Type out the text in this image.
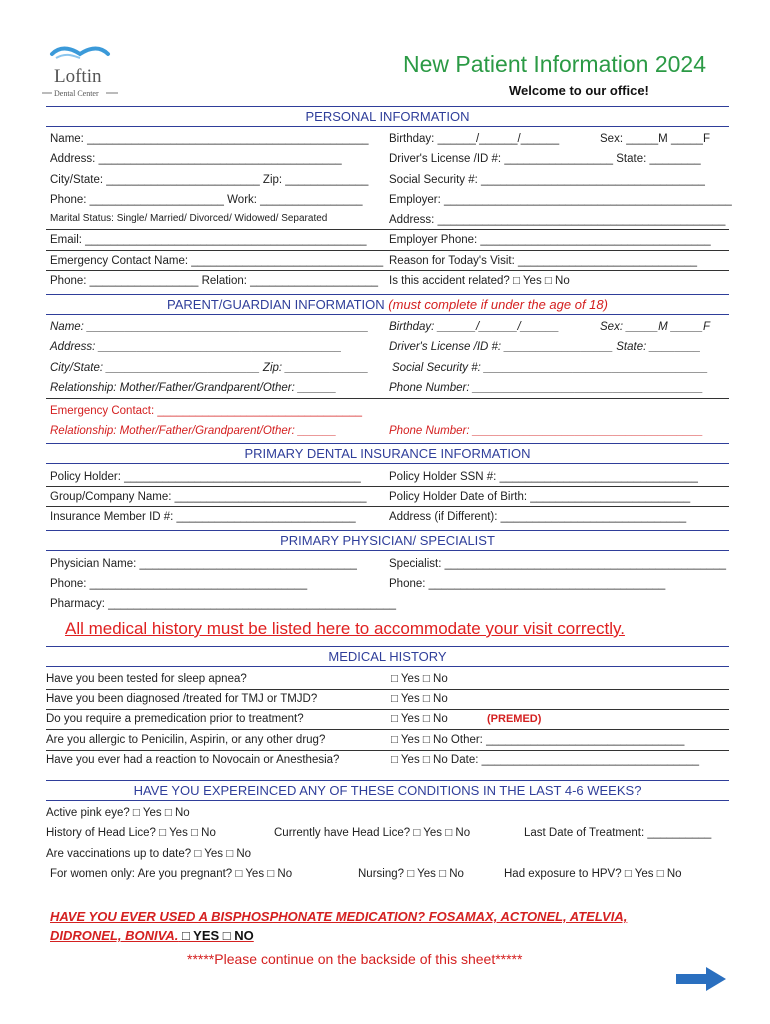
Loftin
Dental Center
New Patient Information 2024
Welcome to our office!
PERSONAL INFORMATION
Name: ____________________________________________ Birthday: ______/______/______	Sex: _____M _____F
Address: ______________________________________	Driver's License /ID #: _________________ State: ________
City/State: ________________________ Zip: _____________ Social Security #: ___________________________________
Phone: _____________________ Work: ________________ Employer: _____________________________________________
Marital Status: Single/ Married/ Divorced/ Widowed/ Separated	Address: _____________________________________________
Email: ____________________________________________ Employer Phone: ____________________________________
Emergency Contact Name: ______________________________ Reason for Today's Visit: ____________________________
Phone: _________________ Relation: ____________________ Is this accident related? □ Yes □ No
PARENT/GUARDIAN INFORMATION (must complete if under the age of 18)
Name: ____________________________________________ Birthday: ______/______/______	Sex: _____M _____F
Address: ______________________________________	Driver's License /ID #: _________________ State: ________
City/State: ________________________ Zip: _____________ Social Security #: ___________________________________
Relationship: Mother/Father/Grandparent/Other: ______	Phone Number: ____________________________________
Emergency Contact: ________________________________
Relationship: Mother/Father/Grandparent/Other: ______	Phone Number: ____________________________________
PRIMARY DENTAL INSURANCE INFORMATION
Policy Holder: _____________________________________ Policy Holder SSN #: _______________________________
Group/Company Name: ______________________________ Policy Holder Date of Birth: _________________________
Insurance Member ID #: ____________________________	Address (if Different): _____________________________
PRIMARY PHYSICIAN/ SPECIALIST
Physician Name: __________________________________	Specialist: ____________________________________________
Phone: __________________________________	Phone: _____________________________________
Pharmacy: _____________________________________________
All medical history must be listed here to accommodate your visit correctly.
MEDICAL HISTORY
Have you been tested for sleep apnea?	□ Yes □ No
Have you been diagnosed /treated for TMJ or TMJD?	□ Yes □ No
Do you require a premedication prior to treatment?	□ Yes □ No	(PREMED)
Are you allergic to Penicilin, Aspirin, or any other drug?	□ Yes □ No Other: _______________________________
Have you ever had a reaction to Novocain or Anesthesia?	□ Yes □ No Date: __________________________________
HAVE YOU EXPEREINCED ANY OF THESE CONDITIONS IN THE LAST 4-6 WEEKS?
Active pink eye? □ Yes □ No
History of Head Lice? □ Yes □ No	Currently have Head Lice? □ Yes □ No	Last Date of Treatment: __________
Are vaccinations up to date? □ Yes □ No
For women only: Are you pregnant? □ Yes □ No	Nursing? □ Yes □ No	Had exposure to HPV? □ Yes □ No
HAVE YOU EVER USED A BISPHOSPHONATE MEDICATION? FOSAMAX, ACTONEL, ATELVIA,
DIDRONEL, BONIVA. □ YES □ NO
*****Please continue on the backside of this sheet*****
